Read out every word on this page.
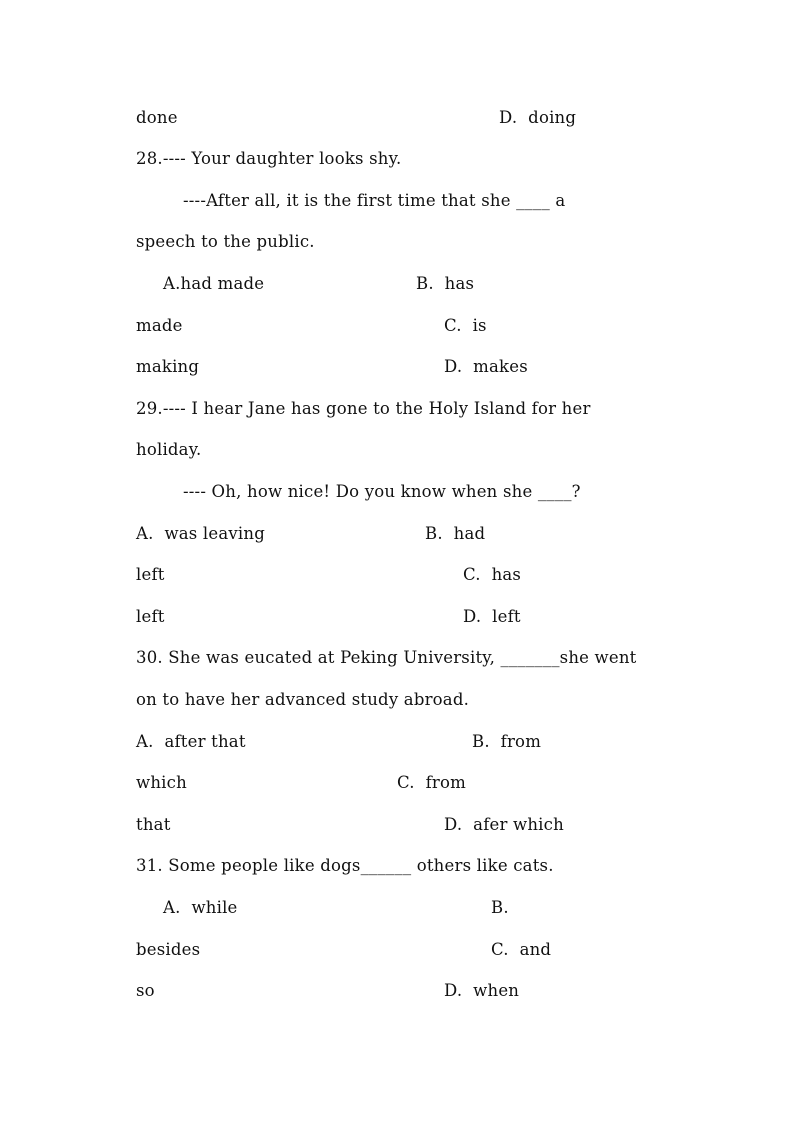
done	D.  doing
28.---- Your daughter looks shy.
----After all, it is the first time that she ____ a
speech to the public.
A.had made	B.  has
made	C.  is
making	D.  makes
29.---- I hear Jane has gone to the Holy Island for her
holiday.
---- Oh, how nice! Do you know when she ____?
A.  was leaving	B.  had
left	C.  has
left	D.  left
30. She was eucated at Peking University, _______she went
on to have her advanced study abroad.
A.  after that	B.  from
which	C.  from
that	D.  afer which
31. Some people like dogs______ others like cats.
A.  while	B.
besides	C.  and
so	D.  when
